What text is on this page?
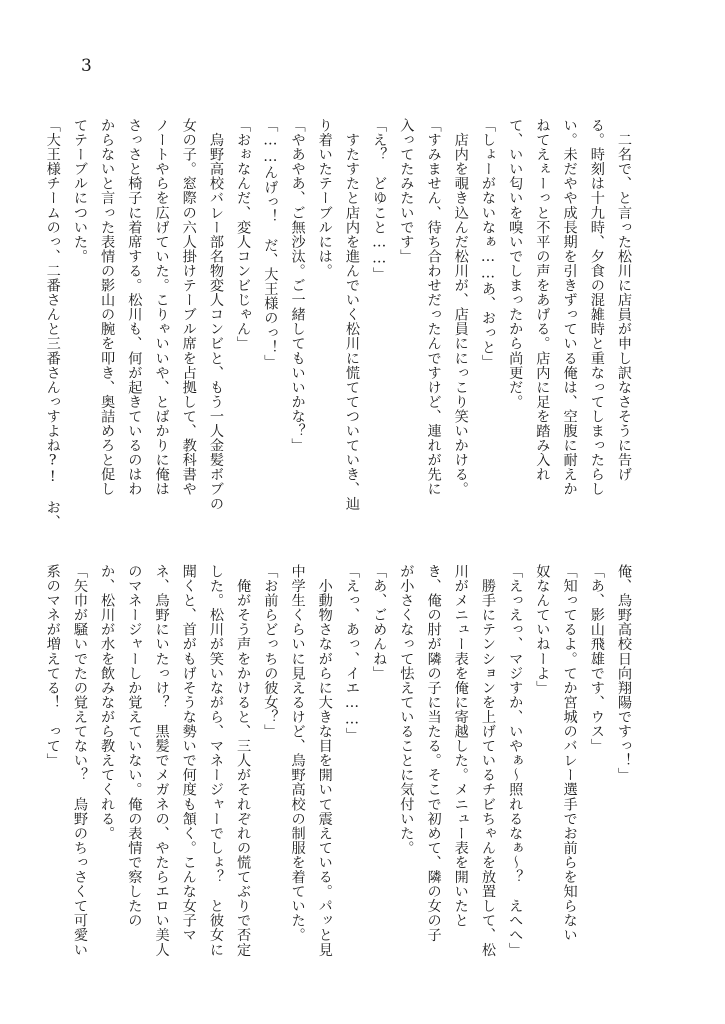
3
　二名で、と言った松川に店員が申し訳なさそうに告げ
る。時刻は十九時、夕食の混雑時と重なってしまったらし
い。未だやや成長期を引きずっている俺は、空腹に耐えか
ねてえぇーっと不平の声をあげる。店内に足を踏み入れ
て、いい匂いを嗅いでしまったから尚更だ。
「しょーがないなぁ……あ、おっと」
　店内を覗き込んだ松川が、店員ににっこり笑いかける。
「すみません、待ち合わせだったんですけど、連れが先に
入ってたみたいです」
「え？　どゆこと……」
　すたすたと店内を進んでいく松川に慌ててついていき、辿
り着いたテーブルには。
「やあやあ、ご無沙汰。ご一緒してもいいかな？」
「……んげっ！　だ、大王様のっ！」
「おぉなんだ、変人コンビじゃん」
　烏野高校バレー部名物変人コンビと、もう一人金髪ボブの
女の子。窓際の六人掛けテーブル席を占拠して、教科書や
ノートやらを広げていた。こりゃいいや、とばかりに俺は
さっさと椅子に着席する。松川も、何が起きているのはわ
からないと言った表情の影山の腕を叩き、奥詰めろと促し
てテーブルについた。
「大王様チームのっ、二番さんと三番さんっすよね?!　お、
俺、烏野高校日向翔陽ですっ！」
「あ、影山飛雄です、ウス」
「知ってるよ。てか宮城のバレー選手でお前らを知らない
奴なんていねーよ」
「えっえっ、マジすか、いやぁ～照れるなぁ～？　えへへ」
　勝手にテンションを上げているチビちゃんを放置して、松
川がメニュー表を俺に寄越した。メニュー表を開いたと
き、俺の肘が隣の子に当たる。そこで初めて、隣の女の子
が小さくなって怯えていることに気付いた。
「あ、ごめんね」
「えっ、あっ、イエ……」
　小動物さながらに大きな目を開いて震えている。パッと見
中学生くらいに見えるけど、烏野高校の制服を着ていた。
「お前らどっちの彼女？」
　俺がそう声をかけると、三人がそれぞれの慌てぶりで否定
した。松川が笑いながら、マネージャーでしょ？　と彼女に
聞くと、首がもげそうな勢いで何度も頷く。こんな女子マ
ネ、烏野にいたっけ？　黒髪でメガネの、やたらエロい美人
のマネージャーしか覚えていない。俺の表情で察したの
か、松川が水を飲みながら教えてくれる。
「矢巾が騒いでたの覚えてない？　烏野のちっさくて可愛い
系のマネが増えてる！　って」
